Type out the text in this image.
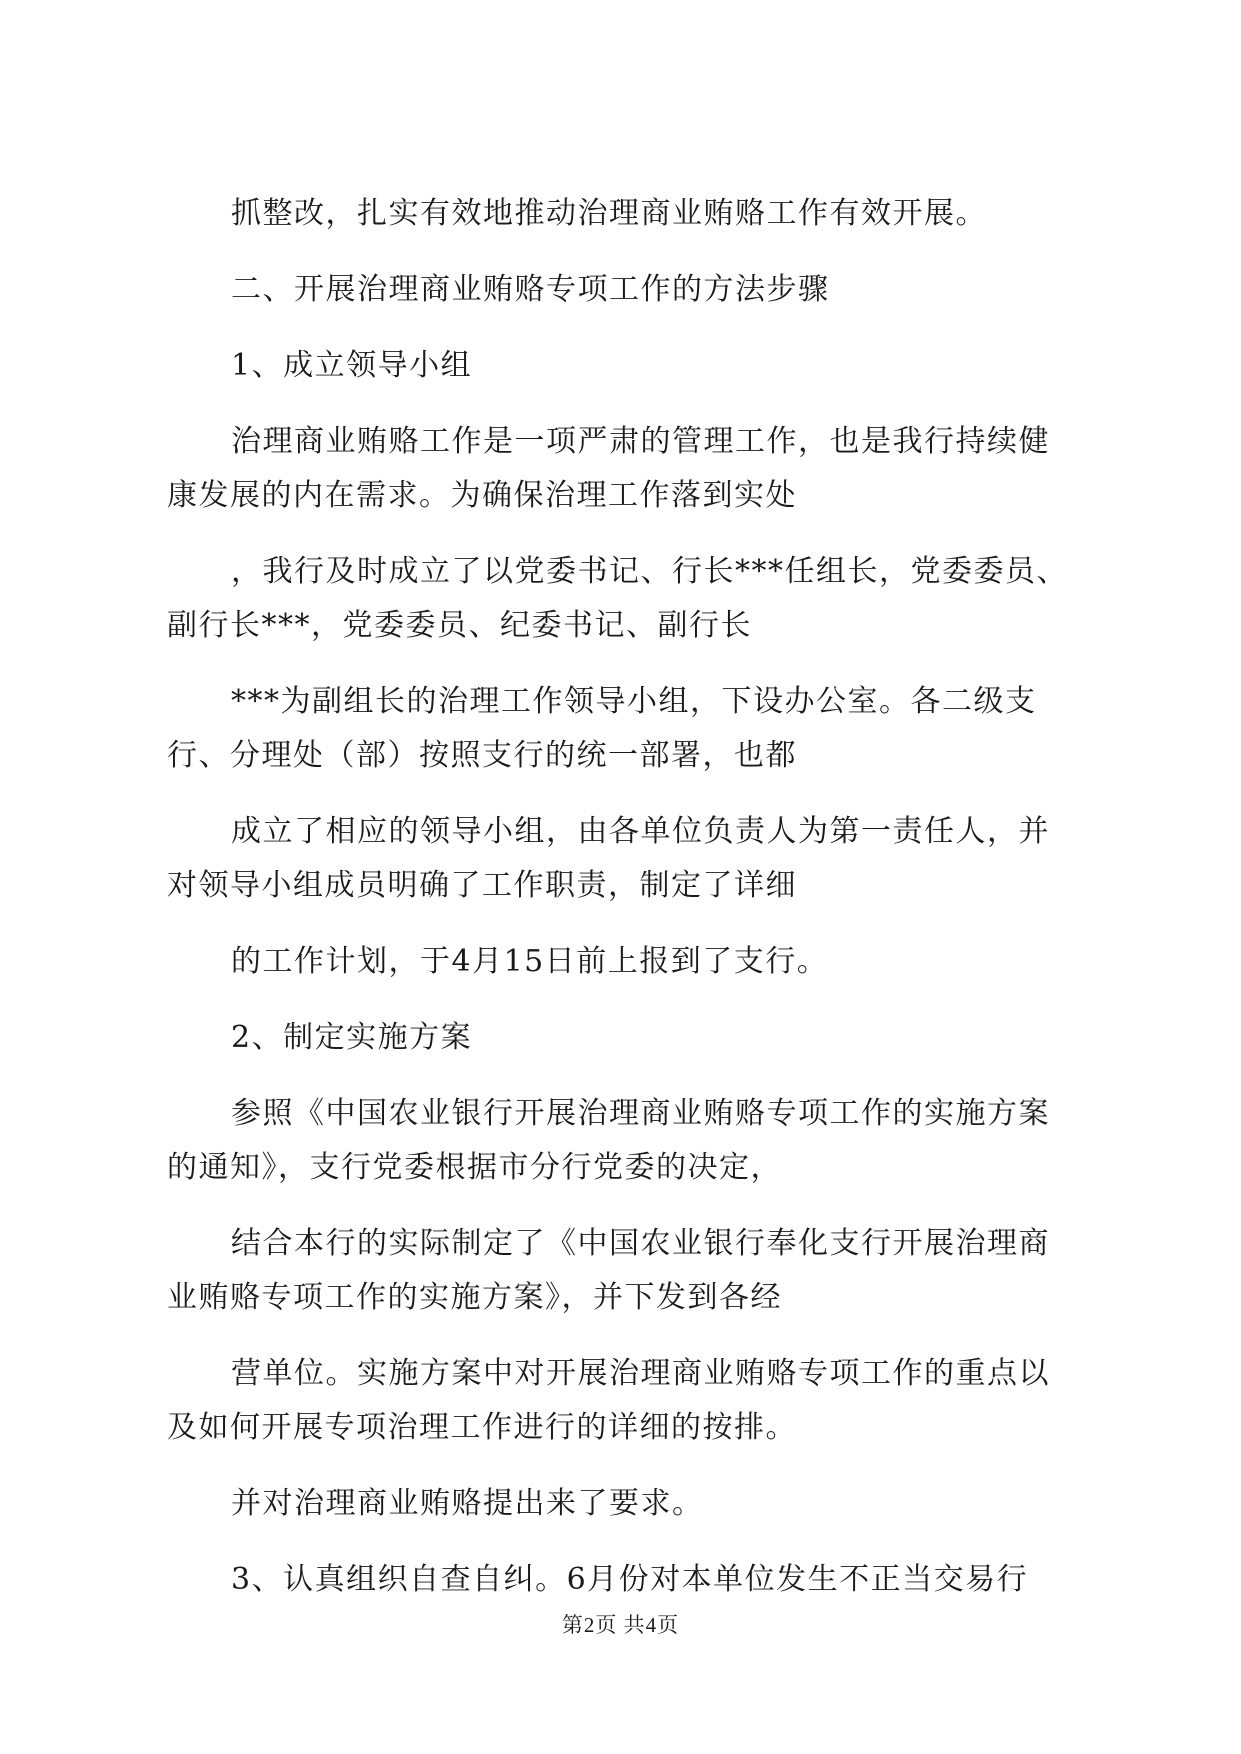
抓整改，扎实有效地推动治理商业贿赂工作有效开展。
二、开展治理商业贿赂专项工作的方法步骤
1、成立领导小组
治理商业贿赂工作是一项严肃的管理工作，也是我行持续健
康发展的内在需求。为确保治理工作落到实处
，我行及时成立了以党委书记、行长***任组长，党委委员、
副行长***，党委委员、纪委书记、副行长
***为副组长的治理工作领导小组，下设办公室。各二级支
行、分理处（部）按照支行的统一部署，也都
成立了相应的领导小组，由各单位负责人为第一责任人，并
对领导小组成员明确了工作职责，制定了详细
的工作计划，于4月15日前上报到了支行。
2、制定实施方案
参照《中国农业银行开展治理商业贿赂专项工作的实施方案
的通知》，支行党委根据市分行党委的决定，
结合本行的实际制定了《中国农业银行奉化支行开展治理商
业贿赂专项工作的实施方案》，并下发到各经
营单位。实施方案中对开展治理商业贿赂专项工作的重点以
及如何开展专项治理工作进行的详细的按排。
并对治理商业贿赂提出来了要求。
3、认真组织自查自纠。6月份对本单位发生不正当交易行
第2页 共4页
